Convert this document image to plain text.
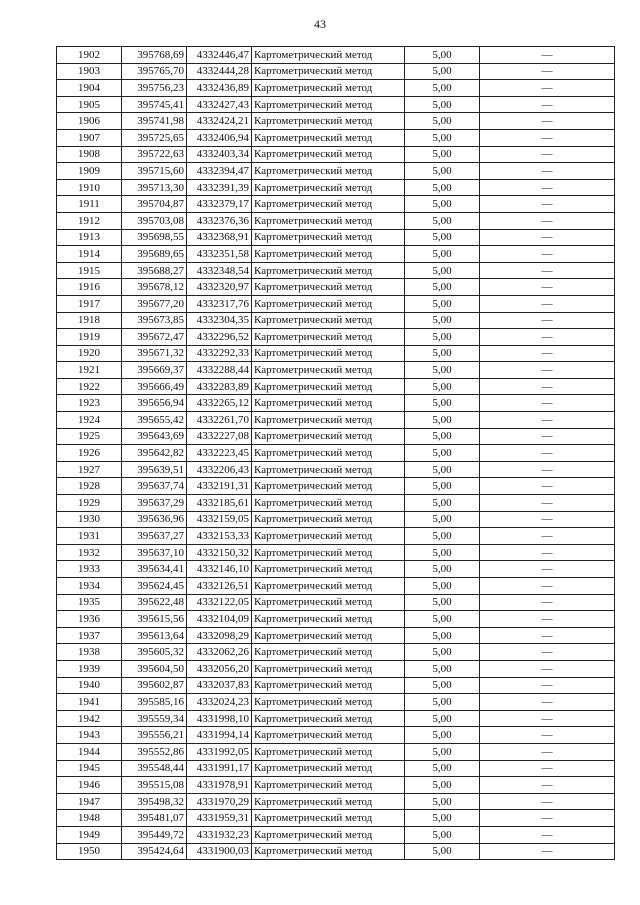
43
1902	395768,69	4332446,47	Картометрический метод	5,00	—
1903	395765,70	4332444,28	Картометрический метод	5,00	—
1904	395756,23	4332436,89	Картометрический метод	5,00	—
1905	395745,41	4332427,43	Картометрический метод	5,00	—
1906	395741,98	4332424,21	Картометрический метод	5,00	—
1907	395725,65	4332406,94	Картометрический метод	5,00	—
1908	395722,63	4332403,34	Картометрический метод	5,00	—
1909	395715,60	4332394,47	Картометрический метод	5,00	—
1910	395713,30	4332391,39	Картометрический метод	5,00	—
1911	395704,87	4332379,17	Картометрический метод	5,00	—
1912	395703,08	4332376,36	Картометрический метод	5,00	—
1913	395698,55	4332368,91	Картометрический метод	5,00	—
1914	395689,65	4332351,58	Картометрический метод	5,00	—
1915	395688,27	4332348,54	Картометрический метод	5,00	—
1916	395678,12	4332320,97	Картометрический метод	5,00	—
1917	395677,20	4332317,76	Картометрический метод	5,00	—
1918	395673,85	4332304,35	Картометрический метод	5,00	—
1919	395672,47	4332296,52	Картометрический метод	5,00	—
1920	395671,32	4332292,33	Картометрический метод	5,00	—
1921	395669,37	4332288,44	Картометрический метод	5,00	—
1922	395666,49	4332283,89	Картометрический метод	5,00	—
1923	395656,94	4332265,12	Картометрический метод	5,00	—
1924	395655,42	4332261,70	Картометрический метод	5,00	—
1925	395643,69	4332227,08	Картометрический метод	5,00	—
1926	395642,82	4332223,45	Картометрический метод	5,00	—
1927	395639,51	4332206,43	Картометрический метод	5,00	—
1928	395637,74	4332191,31	Картометрический метод	5,00	—
1929	395637,29	4332185,61	Картометрический метод	5,00	—
1930	395636,96	4332159,05	Картометрический метод	5,00	—
1931	395637,27	4332153,33	Картометрический метод	5,00	—
1932	395637,10	4332150,32	Картометрический метод	5,00	—
1933	395634,41	4332146,10	Картометрический метод	5,00	—
1934	395624,45	4332126,51	Картометрический метод	5,00	—
1935	395622,48	4332122,05	Картометрический метод	5,00	—
1936	395615,56	4332104,09	Картометрический метод	5,00	—
1937	395613,64	4332098,29	Картометрический метод	5,00	—
1938	395605,32	4332062,26	Картометрический метод	5,00	—
1939	395604,50	4332056,20	Картометрический метод	5,00	—
1940	395602,87	4332037,83	Картометрический метод	5,00	—
1941	395585,16	4332024,23	Картометрический метод	5,00	—
1942	395559,34	4331998,10	Картометрический метод	5,00	—
1943	395556,21	4331994,14	Картометрический метод	5,00	—
1944	395552,86	4331992,05	Картометрический метод	5,00	—
1945	395548,44	4331991,17	Картометрический метод	5,00	—
1946	395515,08	4331978,91	Картометрический метод	5,00	—
1947	395498,32	4331970,29	Картометрический метод	5,00	—
1948	395481,07	4331959,31	Картометрический метод	5,00	—
1949	395449,72	4331932,23	Картометрический метод	5,00	—
1950	395424,64	4331900,03	Картометрический метод	5,00	—
